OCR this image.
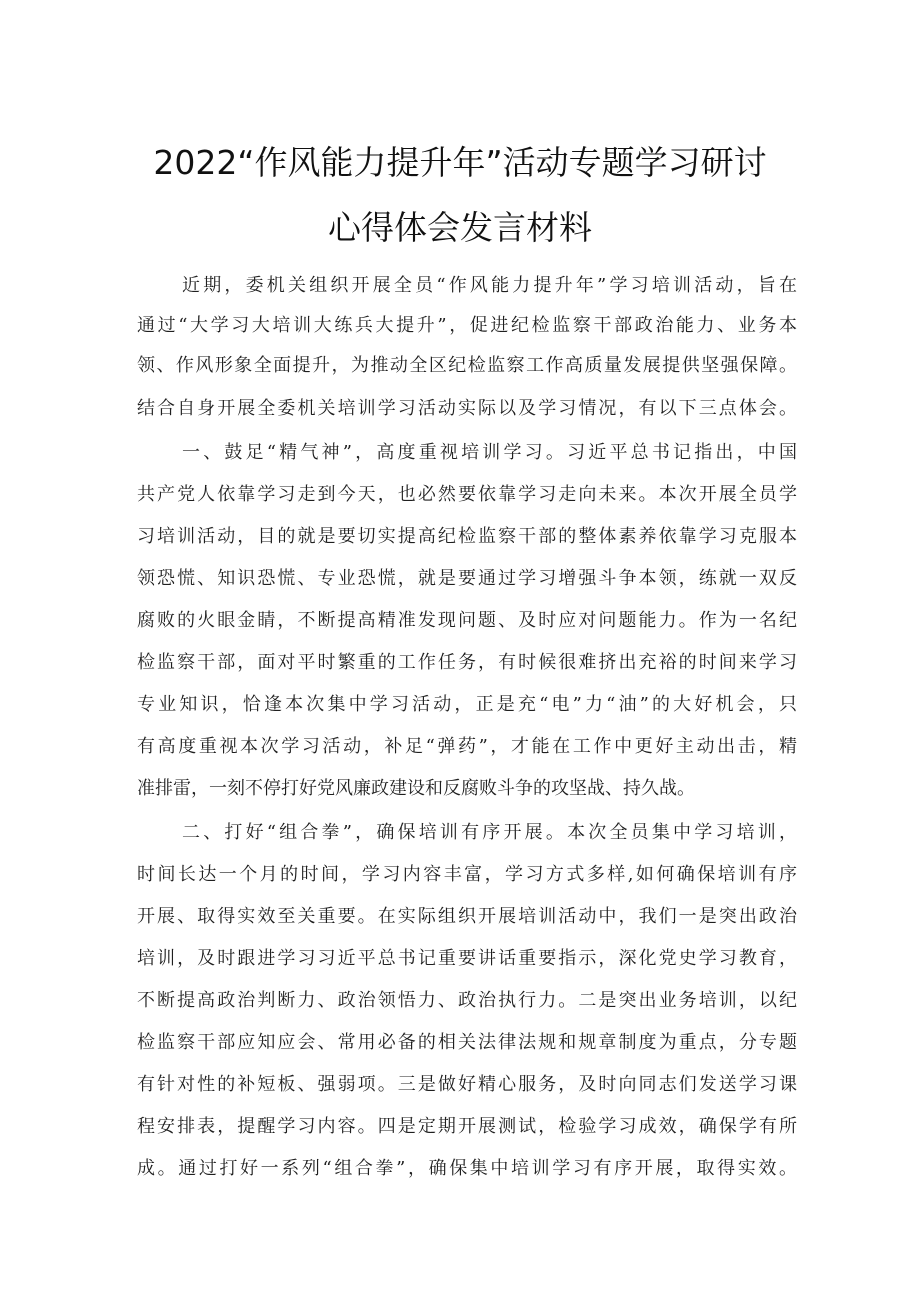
2022“作风能力提升年”活动专题学习研讨
心得体会发言材料
近期，委机关组织开展全员“作风能力提升年”学习培训活动，旨在
通过“大学习大培训大练兵大提升”，促进纪检监察干部政治能力、业务本
领、作风形象全面提升，为推动全区纪检监察工作高质量发展提供坚强保障。
结合自身开展全委机关培训学习活动实际以及学习情况，有以下三点体会。
一、鼓足“精气神”，高度重视培训学习。习近平总书记指出，中国
共产党人依靠学习走到今天，也必然要依靠学习走向未来。本次开展全员学
习培训活动，目的就是要切实提高纪检监察干部的整体素养依靠学习克服本
领恐慌、知识恐慌、专业恐慌，就是要通过学习增强斗争本领，练就一双反
腐败的火眼金睛，不断提高精准发现问题、及时应对问题能力。作为一名纪
检监察干部，面对平时繁重的工作任务，有时候很难挤出充裕的时间来学习
专业知识，恰逢本次集中学习活动，正是充“电”力“油”的大好机会，只
有高度重视本次学习活动，补足“弹药”，才能在工作中更好主动出击，精
准排雷，一刻不停打好党风廉政建设和反腐败斗争的攻坚战、持久战。
二、打好“组合拳”，确保培训有序开展。本次全员集中学习培训，
时间长达一个月的时间，学习内容丰富，学习方式多样,如何确保培训有序
开展、取得实效至关重要。在实际组织开展培训活动中，我们一是突出政治
培训，及时跟进学习习近平总书记重要讲话重要指示，深化党史学习教育，
不断提高政治判断力、政治领悟力、政治执行力。二是突出业务培训，以纪
检监察干部应知应会、常用必备的相关法律法规和规章制度为重点，分专题
有针对性的补短板、强弱项。三是做好精心服务，及时向同志们发送学习课
程安排表，提醒学习内容。四是定期开展测试，检验学习成效，确保学有所
成。通过打好一系列“组合拳”，确保集中培训学习有序开展，取得实效。
